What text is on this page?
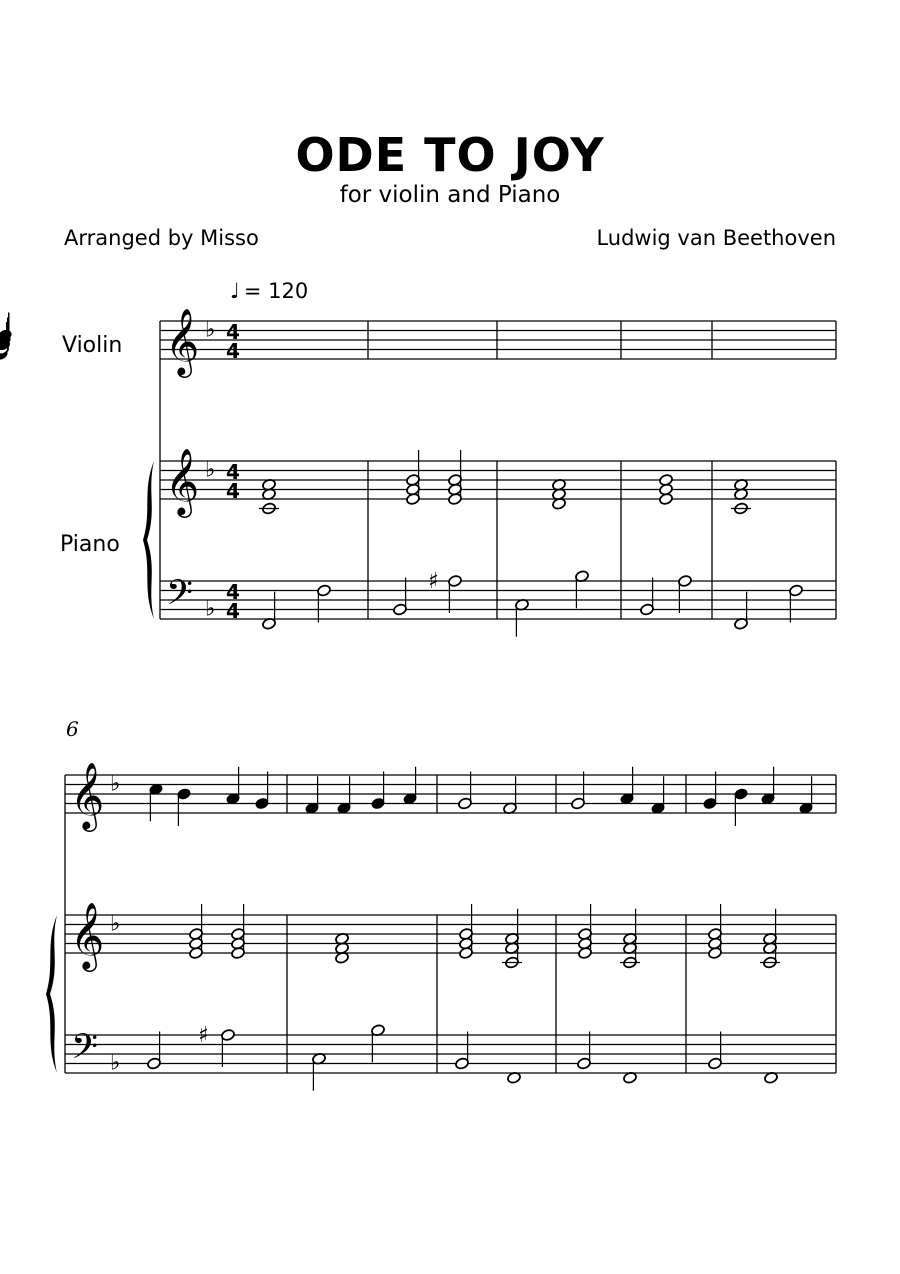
ODE TO JOY
for violin and Piano
Arranged by Misso	Ludwig van Beethoven
♩ = 120
Violin
Piano
6
𝄞 ♭ 4
4
𝄞 ♭ 4
4
𝄢 ♭
4
4
♯
𝄞 ♭
𝄞 ♭
𝄢 ♭
♯
